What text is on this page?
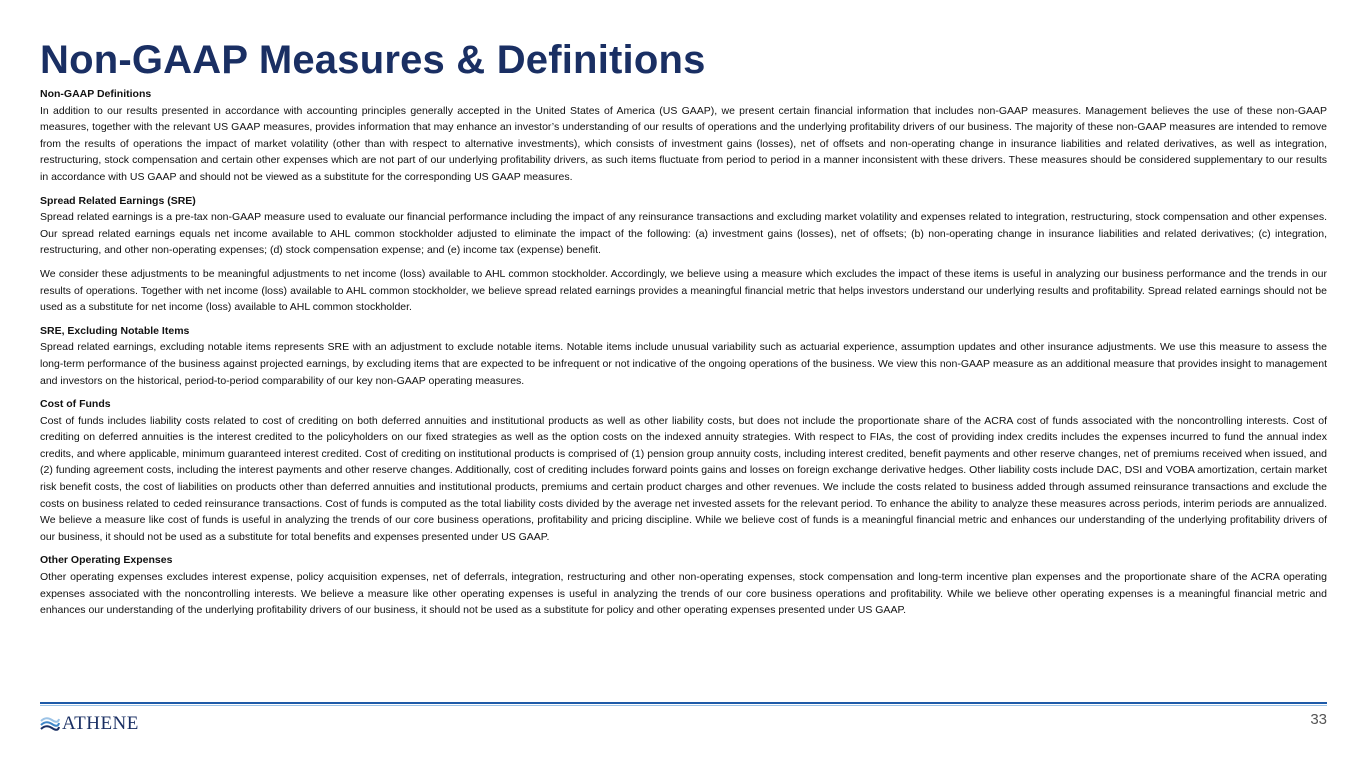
Non-GAAP Measures & Definitions
Non-GAAP Definitions

In addition to our results presented in accordance with accounting principles generally accepted in the United States of America (US GAAP), we present certain financial information that includes non-GAAP measures. Management believes the use of these non-GAAP measures, together with the relevant US GAAP measures, provides information that may enhance an investor’s understanding of our results of operations and the underlying profitability drivers of our business. The majority of these non-GAAP measures are intended to remove from the results of operations the impact of market volatility (other than with respect to alternative investments), which consists of investment gains (losses), net of offsets and non-operating change in insurance liabilities and related derivatives, as well as integration, restructuring, stock compensation and certain other expenses which are not part of our underlying profitability drivers, as such items fluctuate from period to period in a manner inconsistent with these drivers. These measures should be considered supplementary to our results in accordance with US GAAP and should not be viewed as a substitute for the corresponding US GAAP measures.

Spread Related Earnings (SRE)

Spread related earnings is a pre-tax non-GAAP measure used to evaluate our financial performance including the impact of any reinsurance transactions and excluding market volatility and expenses related to integration, restructuring, stock compensation and other expenses. Our spread related earnings equals net income available to AHL common stockholder adjusted to eliminate the impact of the following: (a) investment gains (losses), net of offsets; (b) non-operating change in insurance liabilities and related derivatives; (c) integration, restructuring, and other non-operating expenses; (d) stock compensation expense; and (e) income tax (expense) benefit.

We consider these adjustments to be meaningful adjustments to net income (loss) available to AHL common stockholder. Accordingly, we believe using a measure which excludes the impact of these items is useful in analyzing our business performance and the trends in our results of operations. Together with net income (loss) available to AHL common stockholder, we believe spread related earnings provides a meaningful financial metric that helps investors understand our underlying results and profitability. Spread related earnings should not be used as a substitute for net income (loss) available to AHL common stockholder.

SRE, Excluding Notable Items

Spread related earnings, excluding notable items represents SRE with an adjustment to exclude notable items. Notable items include unusual variability such as actuarial experience, assumption updates and other insurance adjustments. We use this measure to assess the long-term performance of the business against projected earnings, by excluding items that are expected to be infrequent or not indicative of the ongoing operations of the business. We view this non-GAAP measure as an additional measure that provides insight to management and investors on the historical, period-to-period comparability of our key non-GAAP operating measures.

Cost of Funds

Cost of funds includes liability costs related to cost of crediting on both deferred annuities and institutional products as well as other liability costs, but does not include the proportionate share of the ACRA cost of funds associated with the noncontrolling interests. Cost of crediting on deferred annuities is the interest credited to the policyholders on our fixed strategies as well as the option costs on the indexed annuity strategies. With respect to FIAs, the cost of providing index credits includes the expenses incurred to fund the annual index credits, and where applicable, minimum guaranteed interest credited. Cost of crediting on institutional products is comprised of (1) pension group annuity costs, including interest credited, benefit payments and other reserve changes, net of premiums received when issued, and (2) funding agreement costs, including the interest payments and other reserve changes. Additionally, cost of crediting includes forward points gains and losses on foreign exchange derivative hedges. Other liability costs include DAC, DSI and VOBA amortization, certain market risk benefit costs, the cost of liabilities on products other than deferred annuities and institutional products, premiums and certain product charges and other revenues. We include the costs related to business added through assumed reinsurance transactions and exclude the costs on business related to ceded reinsurance transactions. Cost of funds is computed as the total liability costs divided by the average net invested assets for the relevant period. To enhance the ability to analyze these measures across periods, interim periods are annualized. We believe a measure like cost of funds is useful in analyzing the trends of our core business operations, profitability and pricing discipline. While we believe cost of funds is a meaningful financial metric and enhances our understanding of the underlying profitability drivers of our business, it should not be used as a substitute for total benefits and expenses presented under US GAAP.

Other Operating Expenses

Other operating expenses excludes interest expense, policy acquisition expenses, net of deferrals, integration, restructuring and other non-operating expenses, stock compensation and long-term incentive plan expenses and the proportionate share of the ACRA operating expenses associated with the noncontrolling interests. We believe a measure like other operating expenses is useful in analyzing the trends of our core business operations and profitability. While we believe other operating expenses is a meaningful financial metric and enhances our understanding of the underlying profitability drivers of our business, it should not be used as a substitute for policy and other operating expenses presented under US GAAP.

ATHENE	33
